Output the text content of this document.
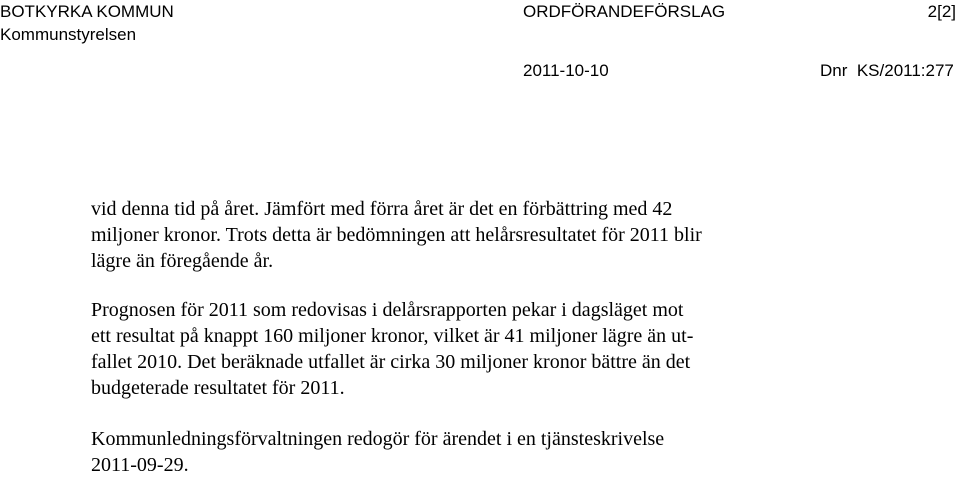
BOTKYRKA KOMMUN
Kommunstyrelsen
ORDFÖRANDEFÖRSLAG	2[2]
2011-10-10	Dnr  KS/2011:277

vid denna tid på året. Jämfört med förra året är det en förbättring med 42
miljoner kronor. Trots detta är bedömningen att helårsresultatet för 2011 blir
lägre än föregående år.

Prognosen för 2011 som redovisas i delårsrapporten pekar i dagsläget mot
ett resultat på knappt 160 miljoner kronor, vilket är 41 miljoner lägre än ut-
fallet 2010. Det beräknade utfallet är cirka 30 miljoner kronor bättre än det
budgeterade resultatet för 2011.

Kommunledningsförvaltningen redogör för ärendet i en tjänsteskrivelse
2011-09-29.
